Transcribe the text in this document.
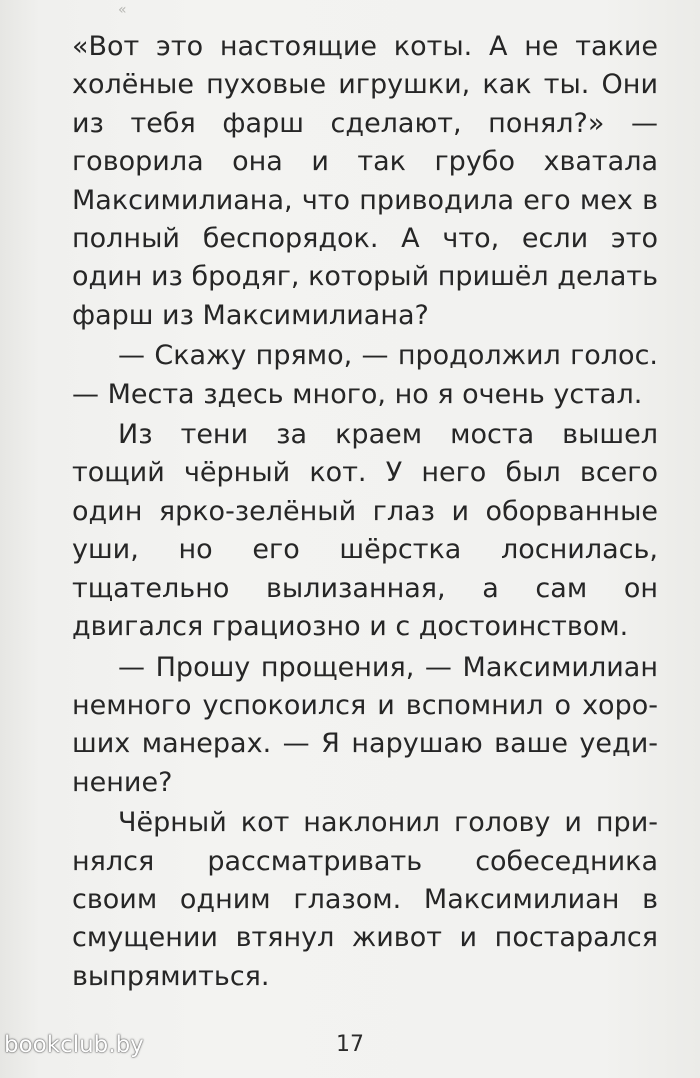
«

«Вот это настоящие коты. А не такие холёные пуховые игрушки, как ты. Они из тебя фарш сделают, понял?» — говорила она и так грубо хватала Максимилиана, что приводила его мех в полный беспорядок. А что, если это один из бродяг, который пришёл делать фарш из Максимилиана?

— Скажу прямо, — продолжил голос. — Места здесь много, но я очень устал.

Из тени за краем моста вышел тощий чёрный кот. У него был всего один ярко-зелёный глаз и оборванные уши, но его шёрстка лоснилась, тщательно вылизанная, а сам он двигался грациозно и с достоинством.

— Прошу прощения, — Максимилиан немного успокоился и вспомнил о хороших манерах. — Я нарушаю ваше уединение?

Чёрный кот наклонил голову и принялся рассматривать собеседника своим одним глазом. Максимилиан в смущении втянул живот и постарался выпрямиться.

17
bookclub.by
